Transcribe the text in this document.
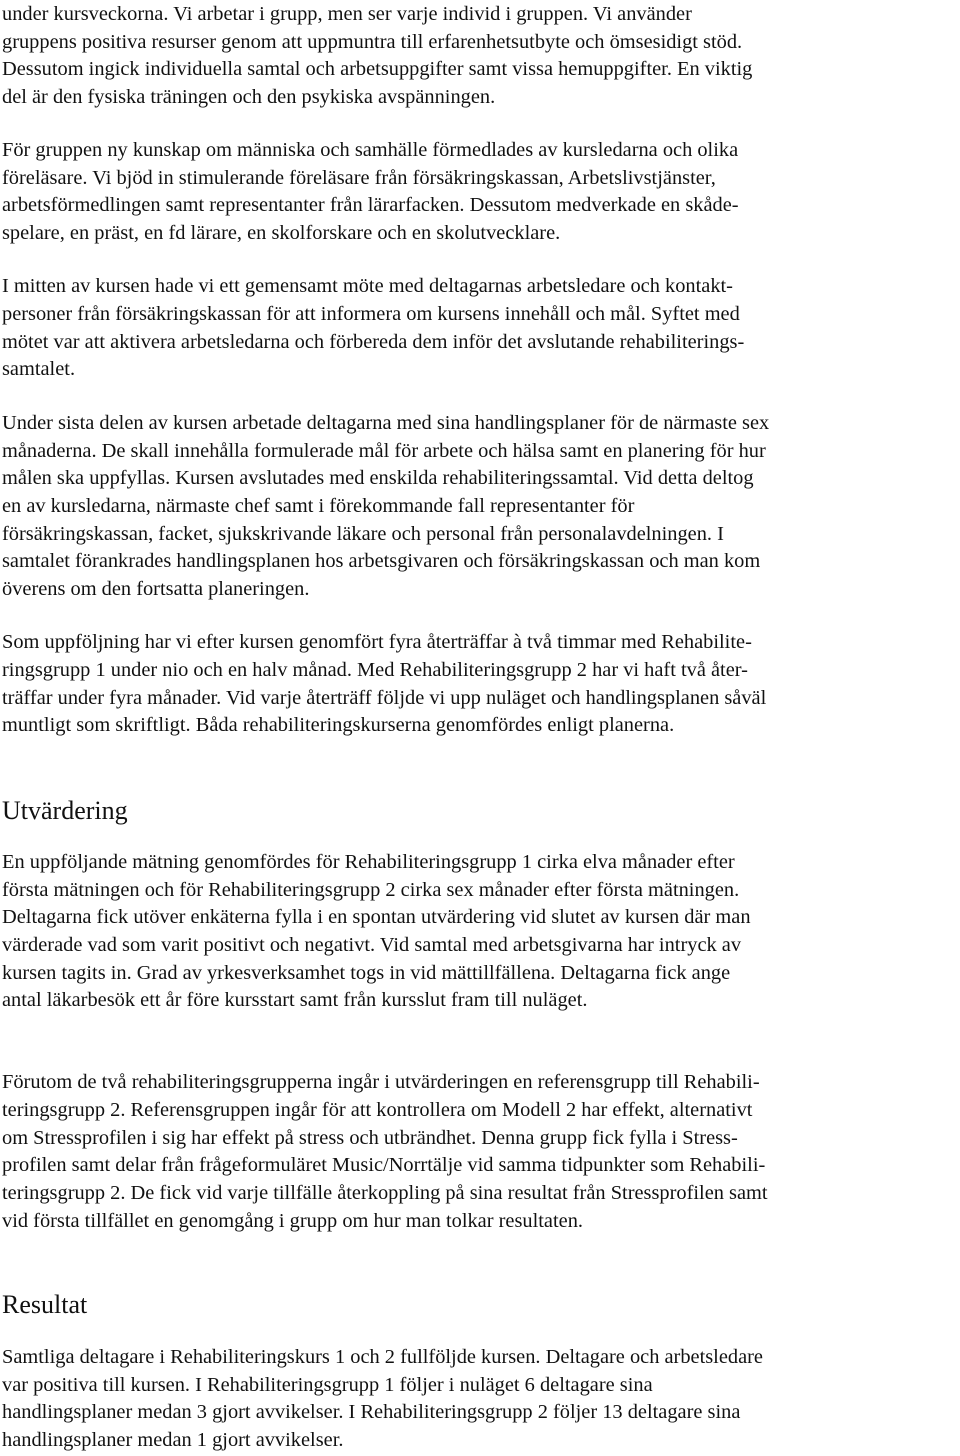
under kursveckorna. Vi arbetar i grupp, men ser varje individ i gruppen. Vi använder

gruppens positiva resurser genom att uppmuntra till erfarenhetsutbyte och ömsesidigt stöd.

Dessutom ingick individuella samtal och arbetsuppgifter samt vissa hemuppgifter. En viktig

del är den fysiska träningen och den psykiska avspänningen.

För gruppen ny kunskap om människa och samhälle förmedlades av kursledarna och olika

föreläsare. Vi bjöd in stimulerande föreläsare från försäkringskassan, Arbetslivstjänster,

arbetsförmedlingen samt representanter från lärarfacken. Dessutom medverkade en skåde-

spelare, en präst, en fd lärare, en skolforskare och en skolutvecklare.

I mitten av kursen hade vi ett gemensamt möte med deltagarnas arbetsledare och kontakt-

personer från försäkringskassan för att informera om kursens innehåll och mål. Syftet med

mötet var att aktivera arbetsledarna och förbereda dem inför det avslutande rehabiliterings-

samtalet.

Under sista delen av kursen arbetade deltagarna med sina handlingsplaner för de närmaste sex

månaderna. De skall innehålla formulerade mål för arbete och hälsa samt en planering för hur

målen ska uppfyllas. Kursen avslutades med enskilda rehabiliteringssamtal. Vid detta deltog

en av kursledarna, närmaste chef samt i förekommande fall representanter för

försäkringskassan, facket, sjukskrivande läkare och personal från personalavdelningen. I

samtalet förankrades handlingsplanen hos arbetsgivaren och försäkringskassan och man kom

överens om den fortsatta planeringen.

Som uppföljning har vi efter kursen genomfört fyra återträffar à två timmar med Rehabilite-

ringsgrupp 1 under nio och en halv månad. Med Rehabiliteringsgrupp 2 har vi haft två åter-

träffar under fyra månader. Vid varje återträff följde vi upp nuläget och handlingsplanen såväl

muntligt som skriftligt. Båda rehabiliteringskurserna genomfördes enligt planerna.

Utvärdering

En uppföljande mätning genomfördes för Rehabiliteringsgrupp 1 cirka elva månader efter

första mätningen och för Rehabiliteringsgrupp 2 cirka sex månader efter första mätningen.

Deltagarna fick utöver enkäterna fylla i en spontan utvärdering vid slutet av kursen där man

värderade vad som varit positivt och negativt. Vid samtal med arbetsgivarna har intryck av

kursen tagits in. Grad av yrkesverksamhet togs in vid mättillfällena. Deltagarna fick ange

antal läkarbesök ett år före kursstart samt från kursslut fram till nuläget.

Förutom de två rehabiliteringsgrupperna ingår i utvärderingen en referensgrupp till Rehabili-

teringsgrupp 2. Referensgruppen ingår för att kontrollera om Modell 2 har effekt, alternativt

om Stressprofilen i sig har effekt på stress och utbrändhet. Denna grupp fick fylla i Stress-

profilen samt delar från frågeformuläret Music/Norrtälje vid samma tidpunkter som Rehabili-

teringsgrupp 2. De fick vid varje tillfälle återkoppling på sina resultat från Stressprofilen samt

vid första tillfället en genomgång i grupp om hur man tolkar resultaten.

Resultat

Samtliga deltagare i Rehabiliteringskurs 1 och 2 fullföljde kursen. Deltagare och arbetsledare

var positiva till kursen. I Rehabiliteringsgrupp 1 följer i nuläget 6 deltagare sina

handlingsplaner medan 3 gjort avvikelser. I Rehabiliteringsgrupp 2 följer 13 deltagare sina

handlingsplaner medan 1 gjort avvikelser.
